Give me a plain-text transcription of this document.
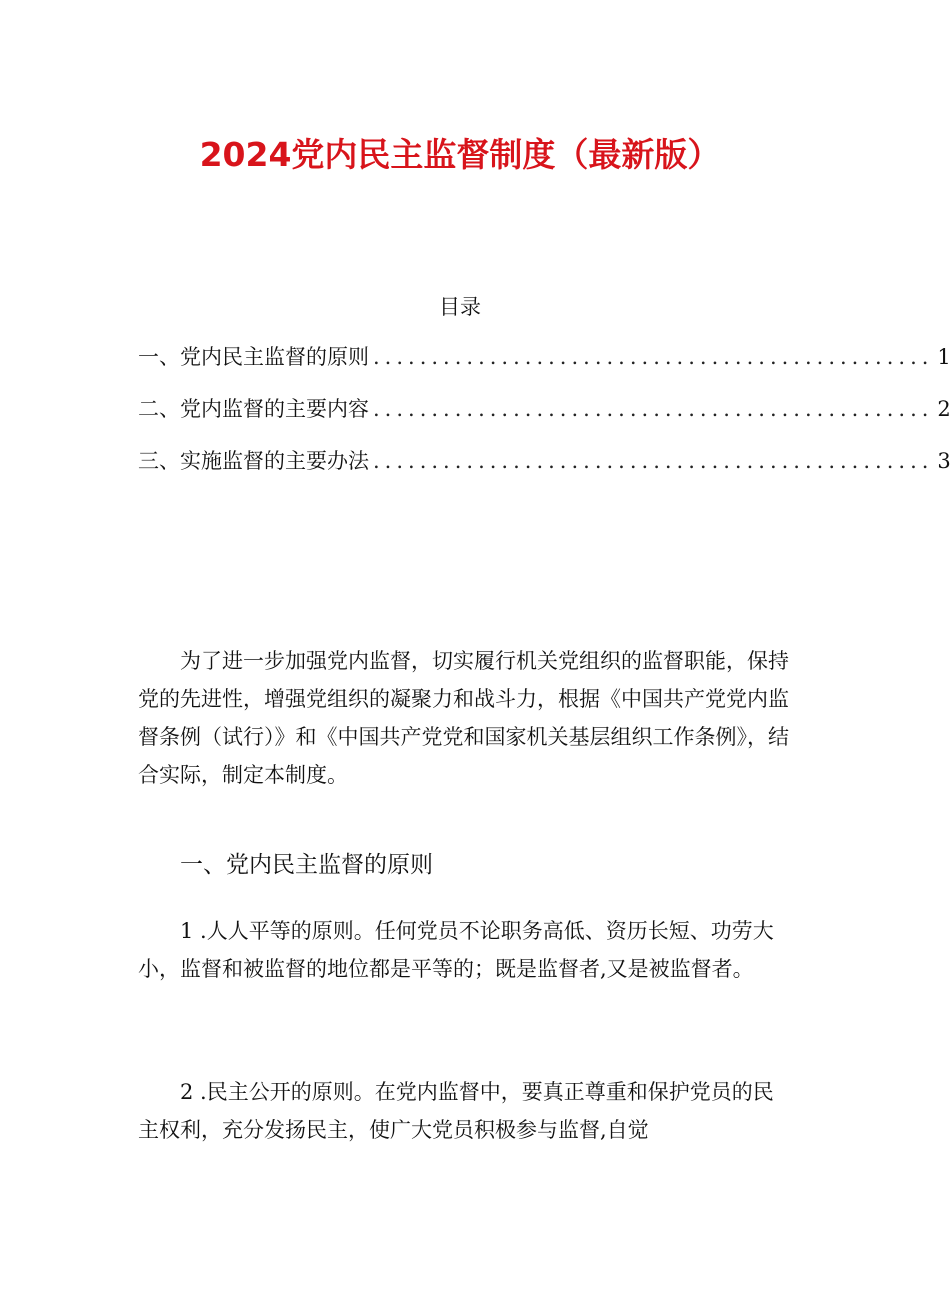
2024党内民主监督制度（最新版）
目录
一、党内民主监督的原则 ................................................ 1
二、党内监督的主要内容 ................................................ 2
三、实施监督的主要办法 ................................................ 3

为了进一步加强党内监督，切实履行机关党组织的监督职能，保持党的先进性，增强党组织的凝聚力和战斗力，根据《中国共产党党内监督条例（试行）》和《中国共产党党和国家机关基层组织工作条例》，结合实际，制定本制度。

一、党内民主监督的原则

1 .人人平等的原则。任何党员不论职务高低、资历长短、功劳大小，监督和被监督的地位都是平等的；既是监督者,又是被监督者。

2 .民主公开的原则。在党内监督中，要真正尊重和保护党员的民主权利，充分发扬民主，使广大党员积极参与监督,自觉
